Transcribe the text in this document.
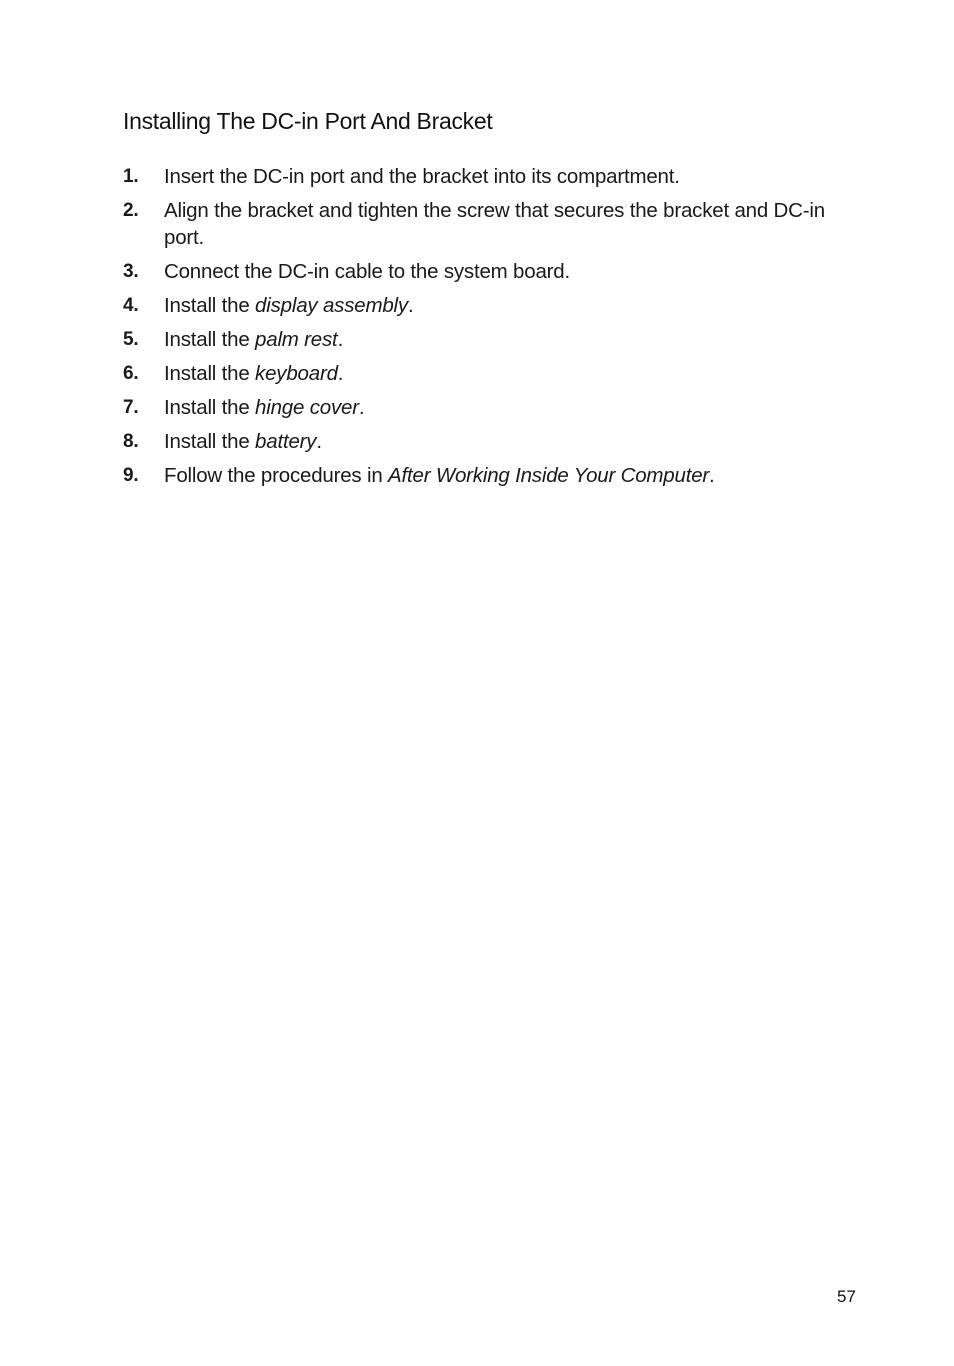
Installing The DC-in Port And Bracket
1. Insert the DC-in port and the bracket into its compartment.
2. Align the bracket and tighten the screw that secures the bracket and DC-in port.
3. Connect the DC-in cable to the system board.
4. Install the display assembly.
5. Install the palm rest.
6. Install the keyboard.
7. Install the hinge cover.
8. Install the battery.
9. Follow the procedures in After Working Inside Your Computer.
57
